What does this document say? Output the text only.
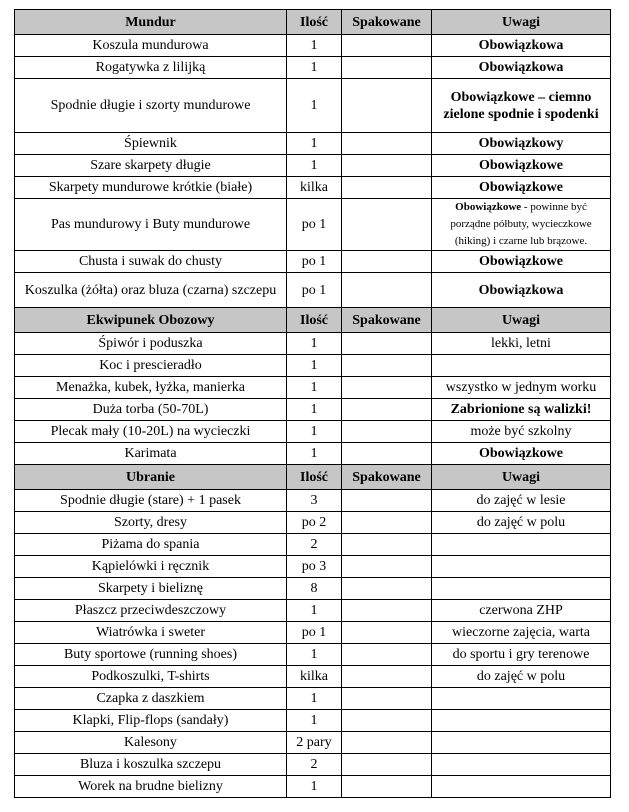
Mundur	Ilość	Spakowane	Uwagi
Koszula mundurowa	1		Obowiązkowa
Rogatywka z lilijką	1		Obowiązkowa
Spodnie długie i szorty mundurowe	1		Obowiązkowe – ciemno zielone spodnie i spodenki
Śpiewnik	1		Obowiązkowy
Szare skarpety długie	1		Obowiązkowe
Skarpety mundurowe krótkie (białe)	kilka		Obowiązkowe
Pas mundurowy i Buty mundurowe	po 1		Obowiązkowe - powinne być porządne półbuty, wycieczkowe (hiking) i czarne lub brązowe.
Chusta i suwak do chusty	po 1		Obowiązkowe
Koszulka (żółta) oraz bluza (czarna) szczepu	po 1		Obowiązkowa
Ekwipunek Obozowy	Ilość	Spakowane	Uwagi
Śpiwór i poduszka	1		lekki, letni
Koc i prescieradło	1		
Menażka, kubek, łyżka, manierka	1		wszystko w jednym worku
Duża torba (50-70L)	1		Zabrionione są walizki!
Plecak mały (10-20L) na wycieczki	1		może być szkolny
Karimata	1		Obowiązkowe
Ubranie	Ilość	Spakowane	Uwagi
Spodnie długie (stare) + 1 pasek	3		do zajęć w lesie
Szorty, dresy	po 2		do zajęć w polu
Piżama do spania	2		
Kąpielówki i ręcznik	po 3		
Skarpety i bieliznę	8		
Płaszcz przeciwdeszczowy	1		czerwona ZHP
Wiatrówka i sweter	po 1		wieczorne zajęcia, warta
Buty sportowe (running shoes)	1		do sportu i gry terenowe
Podkoszulki, T-shirts	kilka		do zajęć w polu
Czapka z daszkiem	1		
Klapki, Flip-flops (sandały)	1		
Kalesony	2 pary		
Bluza i koszulka szczepu	2		
Worek na brudne bielizny	1		
